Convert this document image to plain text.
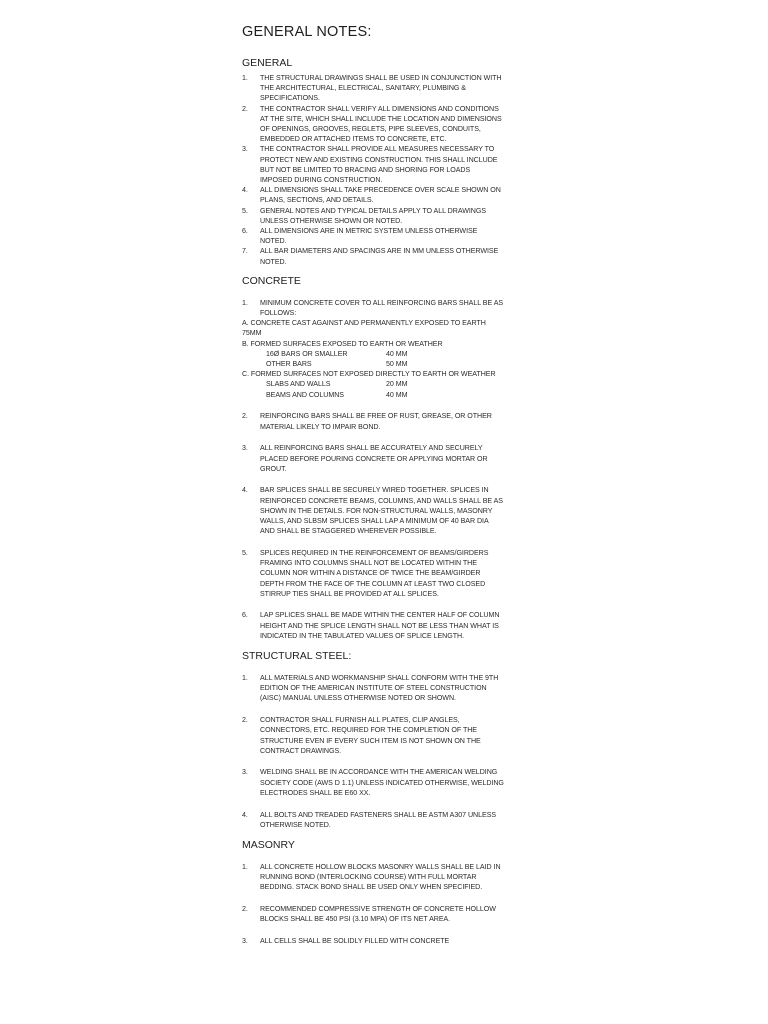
GENERAL NOTES:
GENERAL
1. THE STRUCTURAL DRAWINGS SHALL BE USED IN CONJUNCTION WITH THE ARCHITECTURAL, ELECTRICAL, SANITARY, PLUMBING & SPECIFICATIONS.
2. THE CONTRACTOR SHALL VERIFY ALL DIMENSIONS AND CONDITIONS AT THE SITE, WHICH SHALL INCLUDE THE LOCATION AND DIMENSIONS OF OPENINGS, GROOVES, REGLETS, PIPE SLEEVES, CONDUITS, EMBEDDED OR ATTACHED ITEMS TO CONCRETE, ETC.
3. THE CONTRACTOR SHALL PROVIDE ALL MEASURES NECESSARY TO PROTECT NEW AND EXISTING CONSTRUCTION. THIS SHALL INCLUDE BUT NOT BE LIMITED TO BRACING AND SHORING FOR LOADS IMPOSED DURING CONSTRUCTION.
4. ALL DIMENSIONS SHALL TAKE PRECEDENCE OVER SCALE SHOWN ON PLANS, SECTIONS, AND DETAILS.
5. GENERAL NOTES AND TYPICAL DETAILS APPLY TO ALL DRAWINGS UNLESS OTHERWISE SHOWN OR NOTED.
6. ALL DIMENSIONS ARE IN METRIC SYSTEM UNLESS OTHERWISE NOTED.
7. ALL BAR DIAMETERS AND SPACINGS ARE IN MM UNLESS OTHERWISE NOTED.
CONCRETE
1. MINIMUM CONCRETE COVER TO ALL REINFORCING BARS SHALL BE AS FOLLOWS:
A. CONCRETE CAST AGAINST AND PERMANENTLY EXPOSED TO EARTH 75MM
B. FORMED SURFACES EXPOSED TO EARTH OR WEATHER
16Ø BARS OR SMALLER	40 MM
OTHER BARS	50 MM
C. FORMED SURFACES NOT EXPOSED DIRECTLY TO EARTH OR WEATHER
SLABS AND WALLS	20 MM
BEAMS AND COLUMNS	40 MM
2. REINFORCING BARS SHALL BE FREE OF RUST, GREASE, OR OTHER MATERIAL LIKELY TO IMPAIR BOND.
3. ALL REINFORCING BARS SHALL BE ACCURATELY AND SECURELY PLACED BEFORE POURING CONCRETE OR APPLYING MORTAR OR GROUT.
4. BAR SPLICES SHALL BE SECURELY WIRED TOGETHER. SPLICES IN REINFORCED CONCRETE BEAMS, COLUMNS, AND WALLS SHALL BE AS SHOWN IN THE DETAILS. FOR NON-STRUCTURAL WALLS, MASONRY WALLS, AND SLBSM SPLICES SHALL LAP A MINIMUM OF 40 BAR DIA AND SHALL BE STAGGERED WHEREVER POSSIBLE.
5. SPLICES REQUIRED IN THE REINFORCEMENT OF BEAMS/GIRDERS FRAMING INTO COLUMNS SHALL NOT BE LOCATED WITHIN THE COLUMN NOR WITHIN A DISTANCE OF TWICE THE BEAM/GIRDER DEPTH FROM THE FACE OF THE COLUMN AT LEAST TWO CLOSED STIRRUP TIES SHALL BE PROVIDED AT ALL SPLICES.
6. LAP SPLICES SHALL BE MADE WITHIN THE CENTER HALF OF COLUMN HEIGHT AND THE SPLICE LENGTH SHALL NOT BE LESS THAN WHAT IS INDICATED IN THE TABULATED VALUES OF SPLICE LENGTH.
STRUCTURAL STEEL:
1. ALL MATERIALS AND WORKMANSHIP SHALL CONFORM WITH THE 9TH EDITION OF THE AMERICAN INSTITUTE OF STEEL CONSTRUCTION (AISC) MANUAL UNLESS OTHERWISE NOTED OR SHOWN.
2. CONTRACTOR SHALL FURNISH ALL PLATES, CLIP ANGLES, CONNECTORS, ETC. REQUIRED FOR THE COMPLETION OF THE STRUCTURE EVEN IF EVERY SUCH ITEM IS NOT SHOWN ON THE CONTRACT DRAWINGS.
3. WELDING SHALL BE IN ACCORDANCE WITH THE AMERICAN WELDING SOCIETY CODE (AWS D 1.1) UNLESS INDICATED OTHERWISE, WELDING ELECTRODES SHALL BE E60 XX.
4. ALL BOLTS AND TREADED FASTENERS SHALL BE ASTM A307 UNLESS OTHERWISE NOTED.
MASONRY
1. ALL CONCRETE HOLLOW BLOCKS MASONRY WALLS SHALL BE LAID IN RUNNING BOND (INTERLOCKING COURSE) WITH FULL MORTAR BEDDING. STACK BOND SHALL BE USED ONLY WHEN SPECIFIED.
2. RECOMMENDED COMPRESSIVE STRENGTH OF CONCRETE HOLLOW BLOCKS SHALL BE 450 PSI (3.10 MPA) OF ITS NET AREA.
3. ALL CELLS SHALL BE SOLIDLY FILLED WITH CONCRETE
